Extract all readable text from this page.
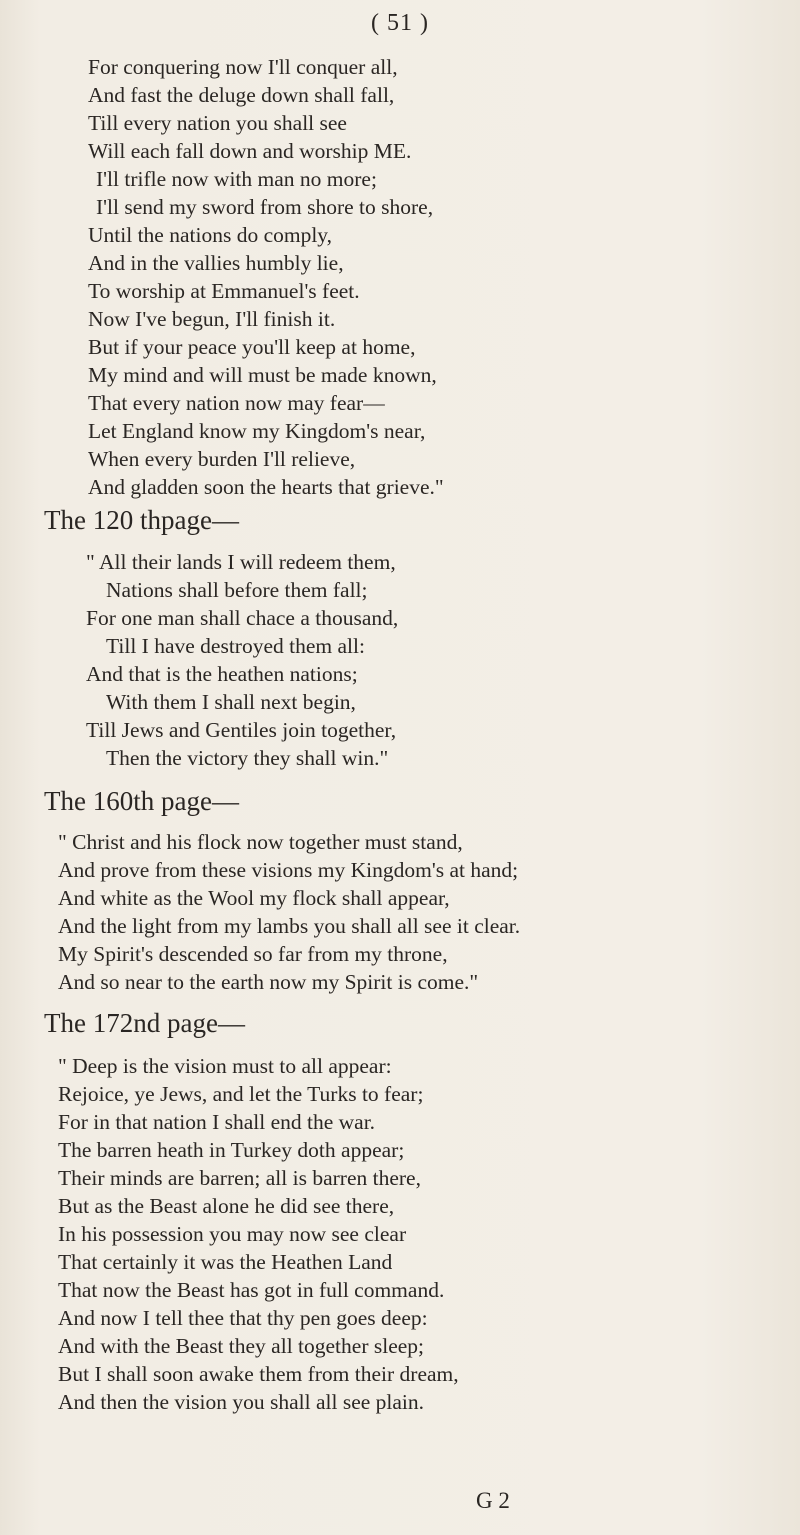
( 51 )
For conquering now I'll conquer all,
And fast the deluge down shall fall,
Till every nation you shall see
Will each fall down and worship ME.
I'll trifle now with man no more;
I'll send my sword from shore to shore,
Until the nations do comply,
And in the vallies humbly lie,
To worship at Emmanuel's feet.
Now I've begun, I'll finish it.
But if your peace you'll keep at home,
My mind and will must be made known,
That every nation now may fear—
Let England know my Kingdom's near,
When every burden I'll relieve,
And gladden soon the hearts that grieve."
The 120 thpage—
" All their lands I will redeem them,
Nations shall before them fall;
For one man shall chace a thousand,
Till I have destroyed them all:
And that is the heathen nations;
With them I shall next begin,
Till Jews and Gentiles join together,
Then the victory they shall win."
The 160th page—
" Christ and his flock now together must stand,
And prove from these visions my Kingdom's at hand;
And white as the Wool my flock shall appear,
And the light from my lambs you shall all see it clear.
My Spirit's descended so far from my throne,
And so near to the earth now my Spirit is come."
The 172nd page—
" Deep is the vision must to all appear:
Rejoice, ye Jews, and let the Turks to fear;
For in that nation I shall end the war.
The barren heath in Turkey doth appear;
Their minds are barren; all is barren there,
But as the Beast alone he did see there,
In his possession you may now see clear
That certainly it was the Heathen Land
That now the Beast has got in full command.
And now I tell thee that thy pen goes deep:
And with the Beast they all together sleep;
But I shall soon awake them from their dream,
And then the vision you shall all see plain.
G 2
